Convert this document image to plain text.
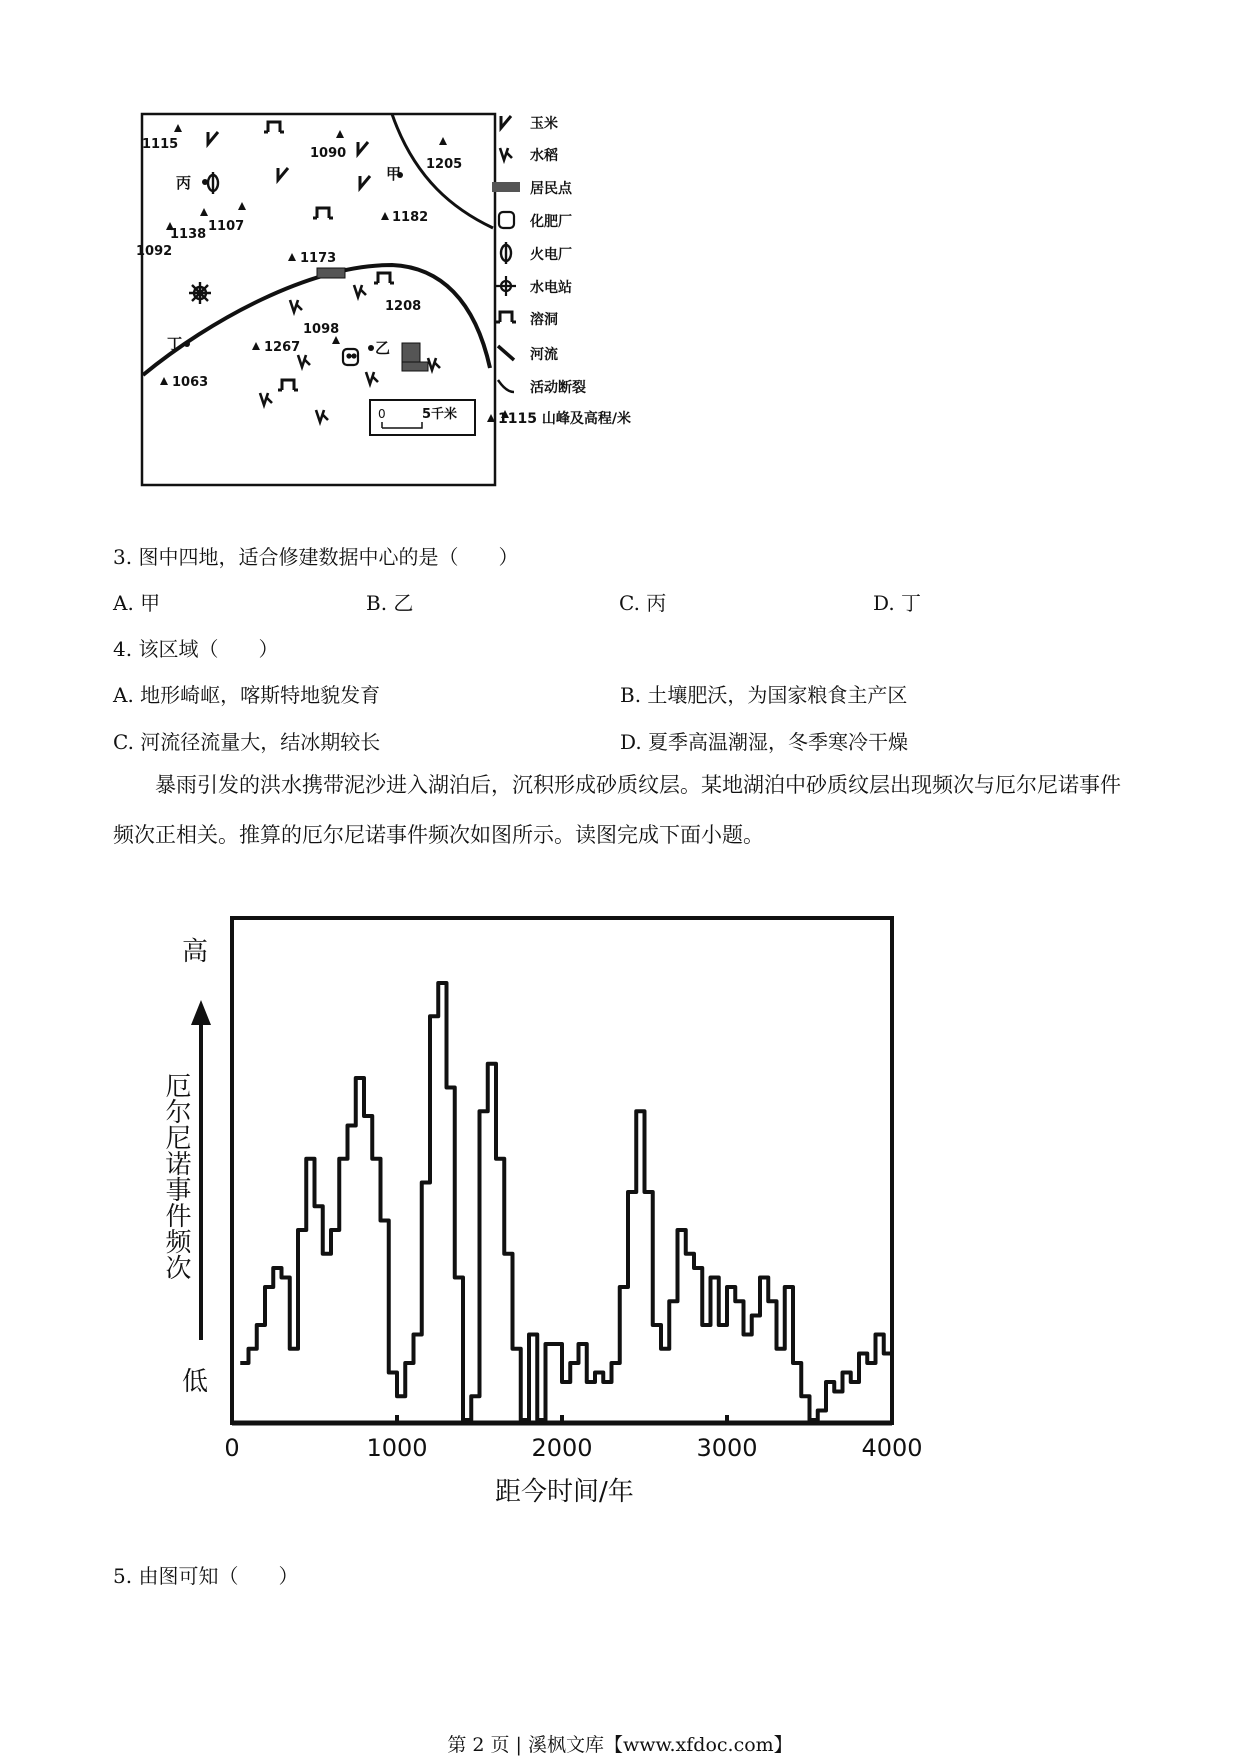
1115
1090
1205
1138
1107
1092
1182
1173
1208
1098
1267
1063
甲
乙
丙
丁
0	5千米
玉米
水稻
居民点
化肥厂
火电厂
水电站
溶洞
河流
活动断裂
1115 山峰及高程/米
3. 图中四地，适合修建数据中心的是（　　）
A. 甲	B. 乙	C. 丙	D. 丁
4. 该区域（　　）
A. 地形崎岖，喀斯特地貌发育	B. 土壤肥沃，为国家粮食主产区
C. 河流径流量大，结冰期较长	D. 夏季高温潮湿，冬季寒冷干燥
暴雨引发的洪水携带泥沙进入湖泊后，沉积形成砂质纹层。某地湖泊中砂质纹层出现频次与厄尔尼诺事件频次正相关。推算的厄尔尼诺事件频次如图所示。读图完成下面小题。
0	1000	2000	3000	4000
高
低
厄尔尼诺事件频次
距今时间/年
5. 由图可知（　　）
第 2 页 | 溪枫文库【www.xfdoc.com】
